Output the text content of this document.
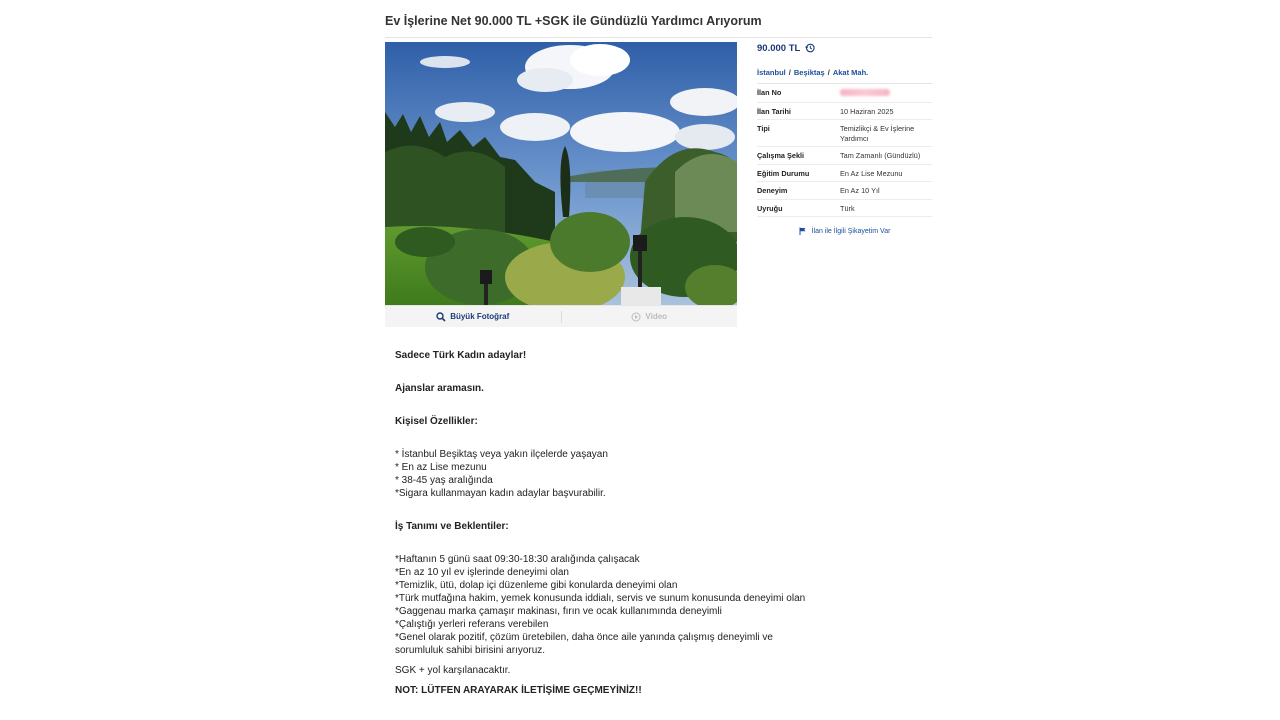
Ev İşlerine Net 90.000 TL +SGK ile Gündüzlü Yardımcı Arıyorum
Büyük Fotoğraf	Video
90.000 TL
İstanbul / Beşiktaş / Akat Mah.
İlan No
İlan Tarihi	10 Haziran 2025
Tipi	Temizlikçi & Ev İşlerine Yardımcı
Çalışma Şekli	Tam Zamanlı (Gündüzlü)
Eğitim Durumu	En Az Lise Mezunu
Deneyim	En Az 10 Yıl
Uyruğu	Türk
İlan ile İlgili Şikayetim Var
Sadece Türk Kadın adaylar!
Ajanslar aramasın.
Kişisel Özellikler:
* İstanbul Beşiktaş veya yakın ilçelerde yaşayan
* En az Lise mezunu
* 38-45 yaş aralığında
*Sigara kullanmayan kadın adaylar başvurabilir.
İş Tanımı ve Beklentiler:
*Haftanın 5 günü saat 09:30-18:30 aralığında çalışacak
*En az 10 yıl ev işlerinde deneyimi olan
*Temizlik, ütü, dolap içi düzenleme gibi konularda deneyimi olan
*Türk mutfağına hakim, yemek konusunda iddialı, servis ve sunum konusunda deneyimi olan
*Gaggenau marka çamaşır makinası, fırın ve ocak kullanımında deneyimli
*Çalıştığı yerleri referans verebilen
*Genel olarak pozitif, çözüm üretebilen, daha önce aile yanında çalışmış deneyimli ve sorumluluk sahibi birisini arıyoruz.
SGK + yol karşılanacaktır.
NOT: LÜTFEN ARAYARAK İLETİŞİME GEÇMEYİNİZ!!
